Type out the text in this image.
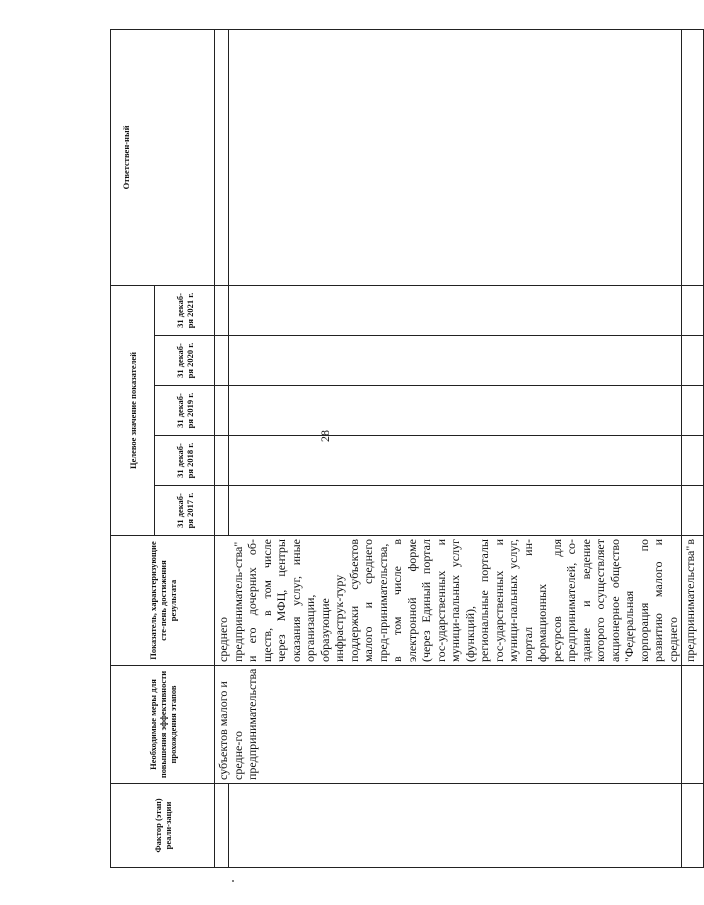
28
Фактор (этап) реали-зации	Необходимые меры для повышения эффективности прохождения этапов	Показатель, характеризующие сте-пень достижения результата	Целевое значение показателей					Ответствен-ный
			31 декаб-ря 2017 г.	31 декаб-ря 2018 г.	31 декаб-ря 2019 г.	31 декаб-ря 2020 г.	31 декаб-ря 2021 г.	
	субъектов малого и средне-го предпринимательства	среднего предприниматель-ства" и его дочерних об-ществ, в том числе через МФЦ, центры оказания услуг, иные организации, образующие инфраструк-туру поддержки субъектов малого и среднего пред-принимательства, в том числе в электронной форме (через Единый портал гос-ударственных и муници-пальных услуг (функций), региональные порталы гос-ударственных и муници-пальных услуг, портал ин-формационных ресурсов для предпринимателей, со-здание и ведение которого осуществляет акционерное общество "Федеральная корпорация по развитию малого и среднего						

		предпринимательства"
в						
